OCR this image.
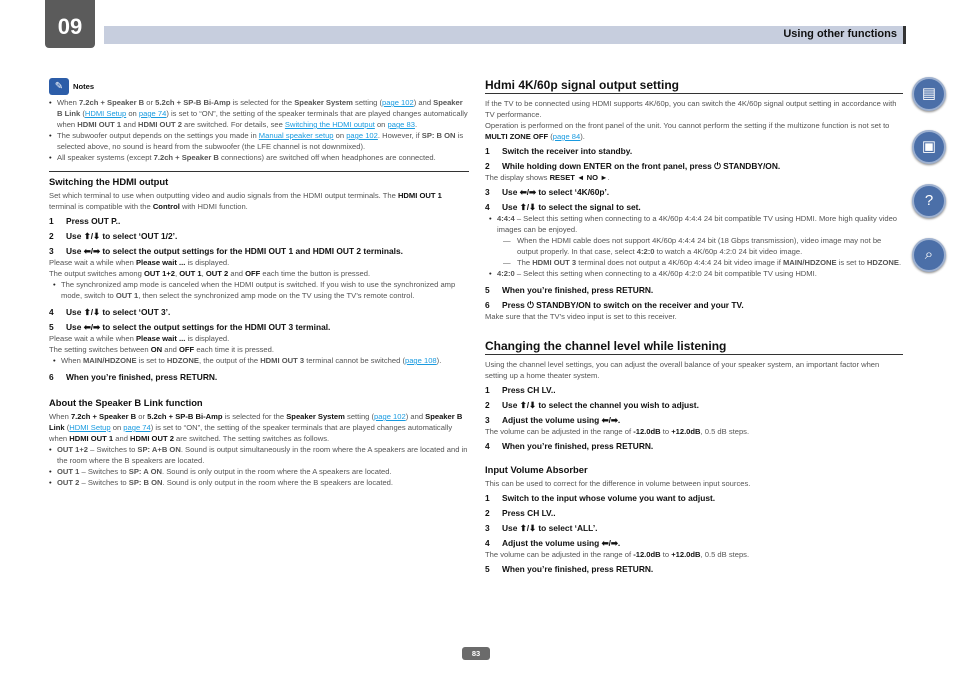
09	Using other functions
✎	Notes
• When 7.2ch + Speaker B or 5.2ch + SP-B Bi-Amp is selected for the Speaker System setting (page 102) and Speaker B Link (HDMI Setup on page 74) is set to “ON”, the setting of the speaker terminals that are played changes automatically when HDMI OUT 1 and HDMI OUT 2 are switched. For details, see Switching the HDMI output on page 83.
• The subwoofer output depends on the settings you made in Manual speaker setup on page 102. However, if SP: B ON is selected above, no sound is heard from the subwoofer (the LFE channel is not downmixed).
• All speaker systems (except 7.2ch + Speaker B connections) are switched off when headphones are connected.
Switching the HDMI output
Set which terminal to use when outputting video and audio signals from the HDMI output terminals. The HDMI OUT 1 terminal is compatible with the Control with HDMI function.
1	Press OUT P..
2	Use ⬆/⬇ to select ‘OUT 1/2’.
3	Use ⬅/➡ to select the output settings for the HDMI OUT 1 and HDMI OUT 2 terminals.
Please wait a while when Please wait ... is displayed.
The output switches among OUT 1+2, OUT 1, OUT 2 and OFF each time the button is pressed.
• The synchronized amp mode is canceled when the HDMI output is switched. If you wish to use the synchronized amp mode, switch to OUT 1, then select the synchronized amp mode on the TV using the TV’s remote control.
4	Use ⬆/⬇ to select ‘OUT 3’.
5	Use ⬅/➡ to select the output settings for the HDMI OUT 3 terminal.
Please wait a while when Please wait ... is displayed.
The setting switches between ON and OFF each time it is pressed.
• When MAIN/HDZONE is set to HDZONE, the output of the HDMI OUT 3 terminal cannot be switched (page 108).
6	When you’re finished, press RETURN.
About the Speaker B Link function
When 7.2ch + Speaker B or 5.2ch + SP-B Bi-Amp is selected for the Speaker System setting (page 102) and Speaker B Link (HDMI Setup on page 74) is set to “ON”, the setting of the speaker terminals that are played changes automatically when HDMI OUT 1 and HDMI OUT 2 are switched. The setting switches as follows.
• OUT 1+2 – Switches to SP: A+B ON. Sound is output simultaneously in the room where the A speakers are located and in the room where the B speakers are located.
• OUT 1 – Switches to SP: A ON. Sound is only output in the room where the A speakers are located.
• OUT 2 – Switches to SP: B ON. Sound is only output in the room where the B speakers are located.
Hdmi 4K/60p signal output setting
If the TV to be connected using HDMI supports 4K/60p, you can switch the 4K/60p signal output setting in accordance with TV performance.
Operation is performed on the front panel of the unit. You cannot perform the setting if the multizone function is not set to MULTI ZONE OFF (page 84).
1	Switch the receiver into standby.
2	While holding down ENTER on the front panel, press ⏻ STANDBY/ON.
The display shows RESET ◄ NO ►.
3	Use ⬅/➡ to select ‘4K/60p’.
4	Use ⬆/⬇ to select the signal to set.
• 4:4:4 – Select this setting when connecting to a 4K/60p 4:4:4 24 bit compatible TV using HDMI. More high quality video images can be enjoyed.
— When the HDMI cable does not support 4K/60p 4:4:4 24 bit (18 Gbps transmission), video image may not be output properly. In that case, select 4:2:0 to watch a 4K/60p 4:2:0 24 bit video image.
— The HDMI OUT 3 terminal does not output a 4K/60p 4:4:4 24 bit video image if MAIN/HDZONE is set to HDZONE.
• 4:2:0 – Select this setting when connecting to a 4K/60p 4:2:0 24 bit compatible TV using HDMI.
5	When you’re finished, press RETURN.
6	Press ⏻ STANDBY/ON to switch on the receiver and your TV.
Make sure that the TV’s video input is set to this receiver.
Changing the channel level while listening
Using the channel level settings, you can adjust the overall balance of your speaker system, an important factor when setting up a home theater system.
1	Press CH LV..
2	Use ⬆/⬇ to select the channel you wish to adjust.
3	Adjust the volume using ⬅/➡.
The volume can be adjusted in the range of -12.0dB to +12.0dB, 0.5 dB steps.
4	When you’re finished, press RETURN.
Input Volume Absorber
This can be used to correct for the difference in volume between input sources.
1	Switch to the input whose volume you want to adjust.
2	Press CH LV..
3	Use ⬆/⬇ to select ‘ALL’.
4	Adjust the volume using ⬅/➡.
The volume can be adjusted in the range of -12.0dB to +12.0dB, 0.5 dB steps.
5	When you’re finished, press RETURN.
▤
▣
?
⌕
83
